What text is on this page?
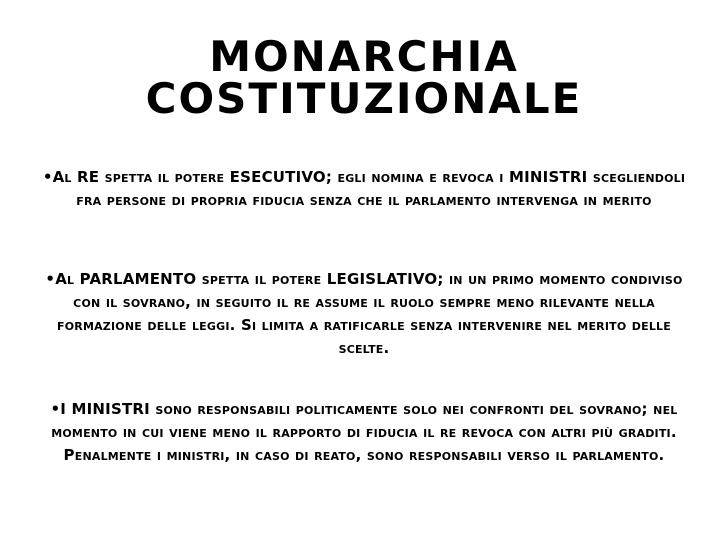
MONARCHIA
COSTITUZIONALE

•Al RE spetta il potere ESECUTIVO; egli nomina e revoca i MINISTRI scegliendoli fra persone di propria fiducia senza che il parlamento intervenga in merito

•Al PARLAMENTO spetta il potere LEGISLATIVO; in un primo momento condiviso con il sovrano, in seguito il re assume il ruolo sempre meno rilevante nella formazione delle leggi. Si limita a ratificarle senza intervenire nel merito delle scelte.

•I MINISTRI sono responsabili politicamente solo nei confronti del sovrano; nel momento in cui viene meno il rapporto di fiducia il re revoca con altri più graditi. Penalmente i ministri, in caso di reato, sono responsabili verso il parlamento.
